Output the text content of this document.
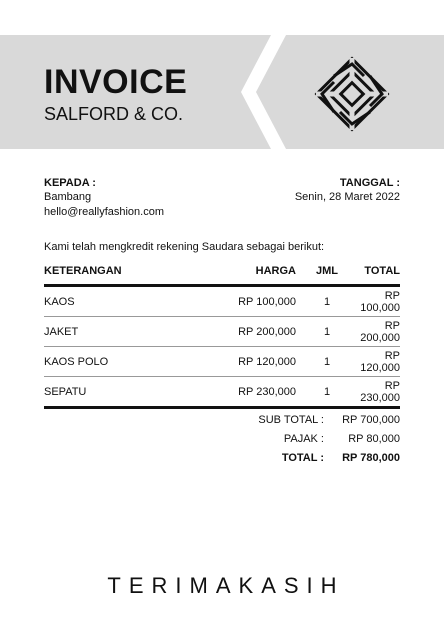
INVOICE
SALFORD & CO.
KEPADA :
Bambang
hello@reallyfashion.com
TANGGAL :
Senin, 28 Maret 2022
Kami telah mengkredit rekening Saudara sebagai berikut:
KETERANGAN	HARGA	JML	TOTAL
KAOS	RP 100,000	1	RP 100,000
JAKET	RP 200,000	1	RP 200,000
KAOS POLO	RP 120,000	1	RP 120,000
SEPATU	RP 230,000	1	RP 230,000
SUB TOTAL :	RP 700,000
PAJAK :	RP 80,000
TOTAL :	RP 780,000
TERIMAKASIH
